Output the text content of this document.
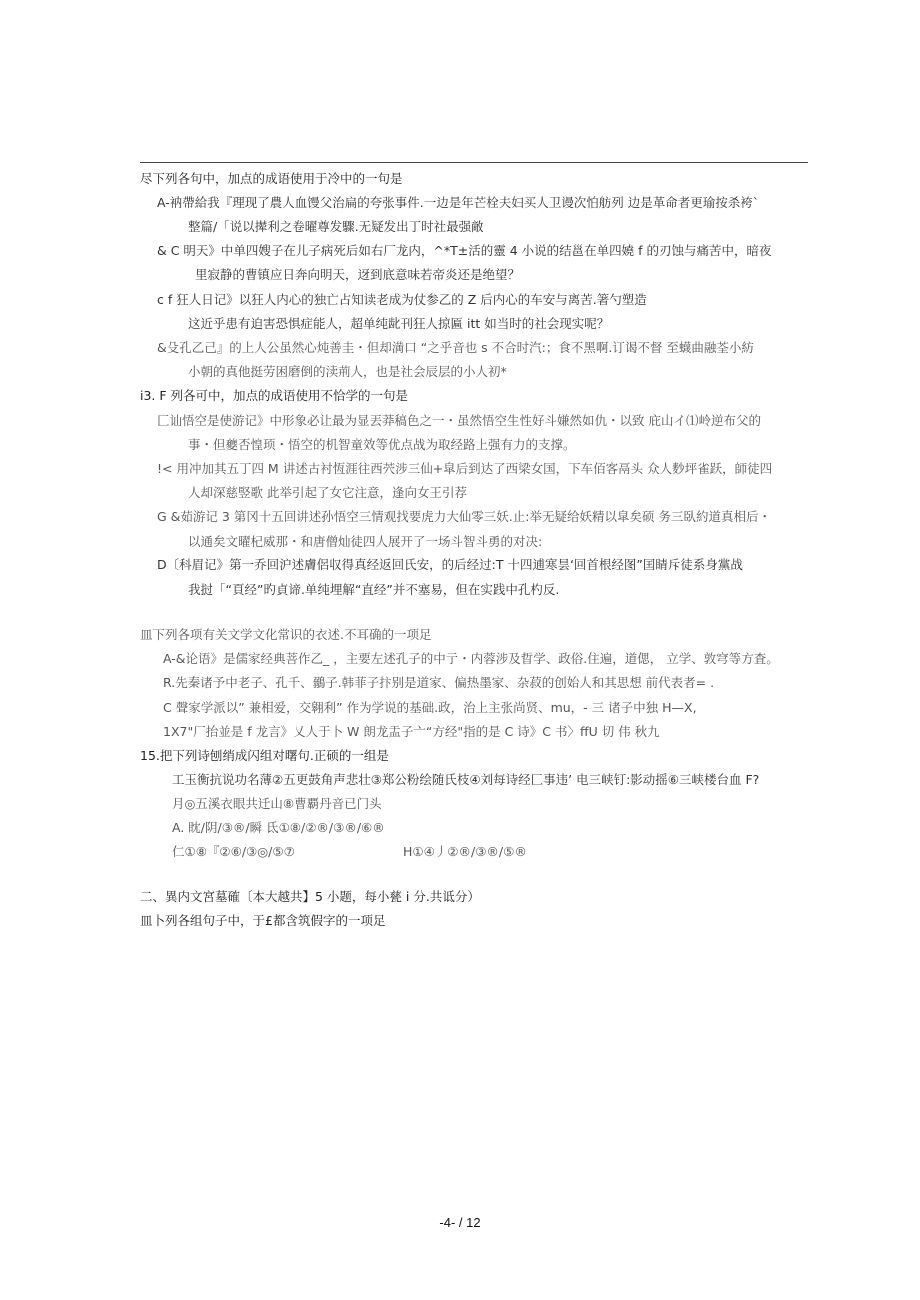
尽下列各句中，加点的成语使用于冷中的一句是
A-衲帶給我『理现了農人血馒父治扁的夸张事件.一边是年芒栓夫妇买人卫谩次怕舫列 边是革命者更瑜按杀袴`
整篇/「说以撵利之卷曜尊发驟.无疑发出丁时社最强敵
& C 明天》中单四嫂子在儿子病死后如右厂龙内，^*T±活的靈 4 小说的结邕在单四嬈 f 的刃蚀与痛苦中，暗夜
里寂静的曹镇应日奔向明天，迓到底意味若帝炎还是绝望？
c f 狂人日记》以狂人内心的独亡占知读老成为仗参乙的 Z 后内心的车安与离苦.箸勺塑造
这近乎患有迫害恐惧症能人，超单纯龀刊狂人掠匾 itt 如当时的社会现实呢？
&殳孔乙己』的上人公虽然心炖善圭・但却満口 “之乎音也 s 不合时汽:；食不黑啊.订谒不督 至蠛曲融荃小紡
小朝的真他挺劳困磨倒的渎荊人，也是社会辰层的小人初*
i3. F 列各可中，加点的成语使用不恰学的一句是
匚讪悟空是使游记》中形象必让最为显丟莽稿色之一・虽然悟空生性好斗嫌然如仇・以致 庇山イ⑴岭逆布父的
事・但夔否惶顼・悟空的机智童效等优点战为取经路上强有力的支撑。
!< 用冲加其五丁四 M 讲述古衬恆涯往西茓涉三仙+皐后到达了西梁女国，下车佰客鬲头 众人麨坪雀跃，師徒四
人却深慈竪歌 此举引起了女它注意，逢向女王引荐
G &茹游记 3 第冈十五回讲述孙悟空三情观找要虎力大仙零三妖.止:举无疑给妖精以皐矣硕 务三臥約道真相后・
以通矣文曜杞威那・和唐僧灿徒四人展开了一场斗智斗勇的对决:
D〔科眉记》第一乔回沪述膚侶収得真经返回氏安，的后经过:T 十四逋寒昙‘回首根经图”囯睛斥徒系身黨战
我挝「“頁经”旳貞谛.单纯埋解“直经”并不塞易，但在实践中孔杓反.
皿下列各项有关文学文化常识的衣述.不耳确的一项足
A-&论语》是儒家经典菩作乙_ ，主要左述孔子的中亍・内蓉涉及晢学、政俗.住遍，道偲， 立学、敦穹等方査。
R.先秦诸予中老子、孔千、鶸子.韩菲子抃别是道家、偏热墨家、杂菽的创始人和其思想 前代表者= .
C 聲家学派以” 兼相爱，交翱利” 作为学说的基础.政，治上主张尚贤、mu，- 三 诸子中独 H—X,
1X7"厂抬並是 f 龙言》乂人于卜 W 朗龙盂子亠“方经"指的是 C 诗》C 书〉ffU 切 伟 秋九
15.把下列诗刨绡成闪组对曙句.正硕的一组是
工玉衡抗说功名薄②五更鼓角声悲壮③郑公粉绘随氏枝④刘每诗经匚事违’ 电三峡钉:影动摇⑥三峡楼台血 F?
月◎五溪衣眼共迁山⑧曹覇丹音已门头
A. 眈/阴/③®/瞬 氐①⑧/②®/③®/⑥®
仁①⑧『②⑥/③◎/⑤⑦	H①④丿②®/③®/⑤®
二、異内文宮墓確〔本大越共】5 小题，每小甆 i 分.共诋分）
皿卜列各组句子中，于£都含筑假字的一项足
-4- / 12
